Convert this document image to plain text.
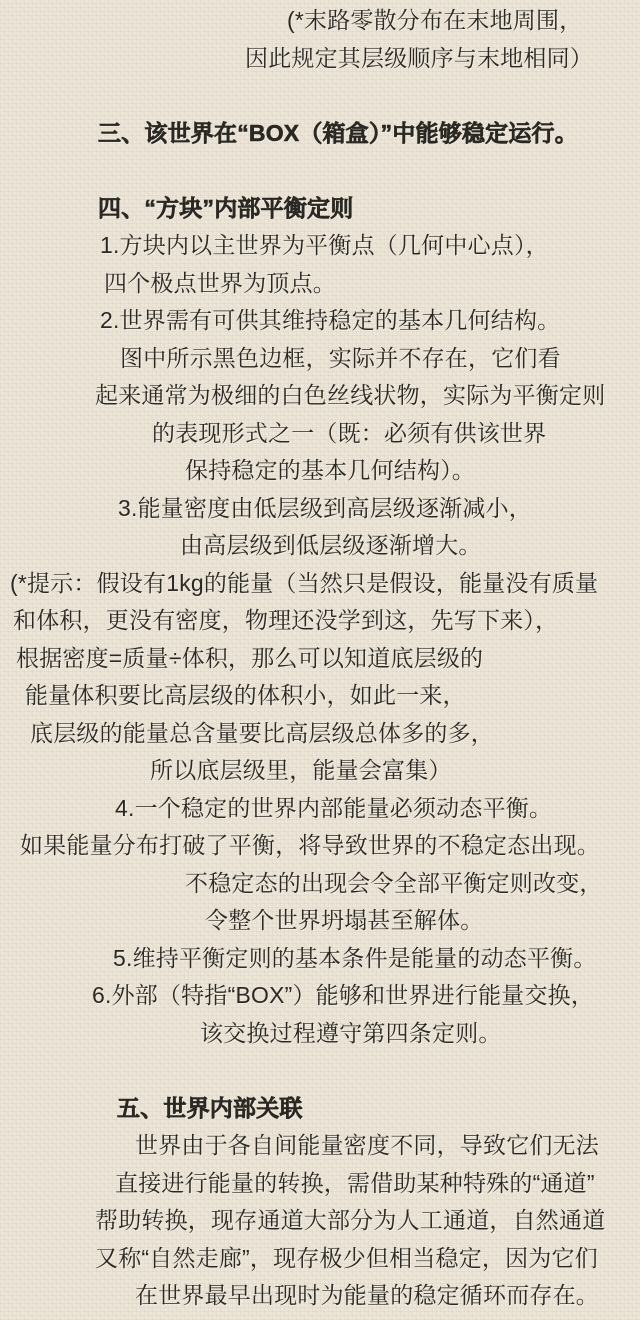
(*末路零散分布在末地周围，
因此规定其层级顺序与末地相同）
三、该世界在“BOX（箱盒）”中能够稳定运行。
四、“方块”内部平衡定则
1.方块内以主世界为平衡点（几何中心点），
四个极点世界为顶点。
2.世界需有可供其维持稳定的基本几何结构。
图中所示黑色边框，实际并不存在，它们看
起来通常为极细的白色丝线状物，实际为平衡定则
的表现形式之一（既：必须有供该世界
保持稳定的基本几何结构）。
3.能量密度由低层级到高层级逐渐减小，
由高层级到低层级逐渐增大。
(*提示：假设有1kg的能量（当然只是假设，能量没有质量
和体积，更没有密度，物理还没学到这，先写下来），
根据密度=质量÷体积，那么可以知道底层级的
能量体积要比高层级的体积小，如此一来，
底层级的能量总含量要比高层级总体多的多，
所以底层级里，能量会富集）
4.一个稳定的世界内部能量必须动态平衡。
如果能量分布打破了平衡，将导致世界的不稳定态出现。
不稳定态的出现会令全部平衡定则改变，
令整个世界坍塌甚至解体。
5.维持平衡定则的基本条件是能量的动态平衡。
6.外部（特指“BOX”）能够和世界进行能量交换，
该交换过程遵守第四条定则。
五、世界内部关联
世界由于各自间能量密度不同，导致它们无法
直接进行能量的转换，需借助某种特殊的“通道”
帮助转换，现存通道大部分为人工通道，自然通道
又称“自然走廊”，现存极少但相当稳定，因为它们
在世界最早出现时为能量的稳定循环而存在。
